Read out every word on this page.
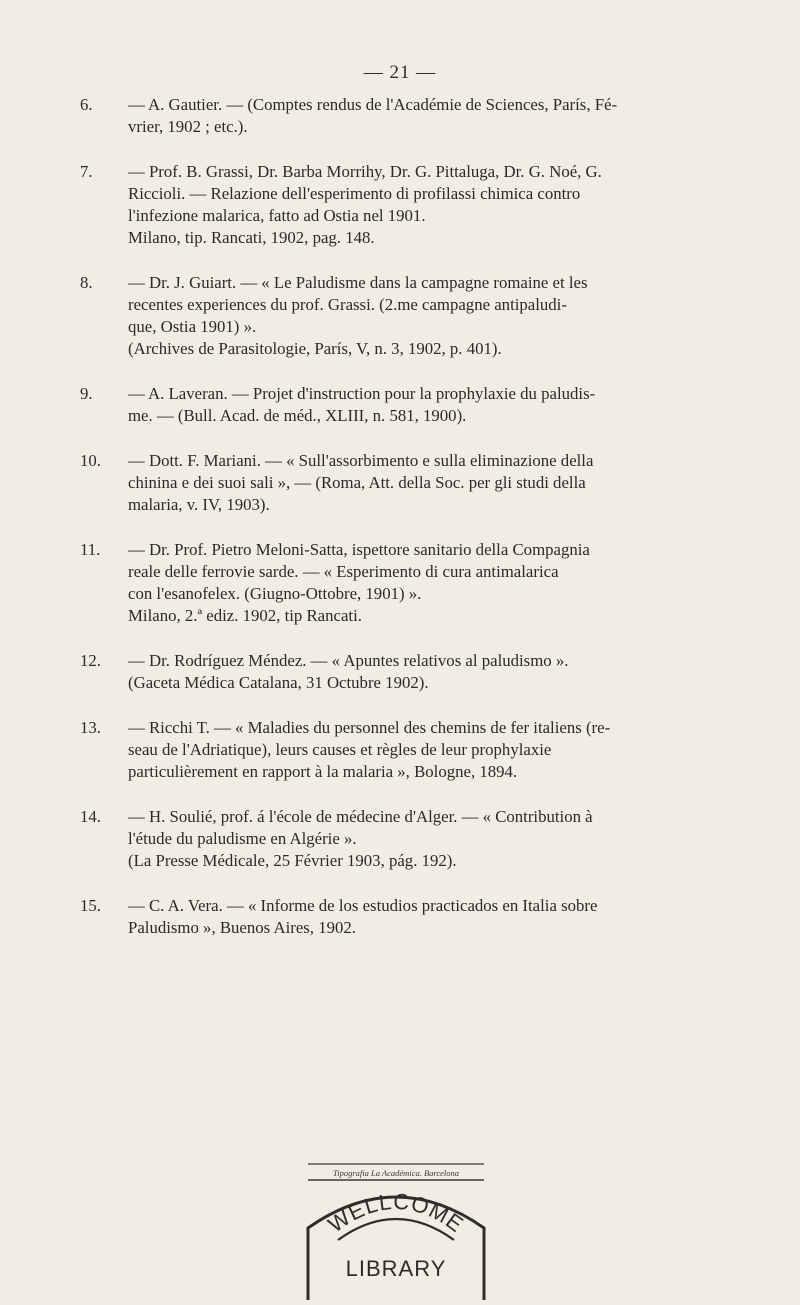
— 21 —
6. — A. Gautier. — (Comptes rendus de l'Académie de Sciences, París, Fé-
vrier, 1902 ; etc.).
7. — Prof. B. Grassi, Dr. Barba Morrihy, Dr. G. Pittaluga, Dr. G. Noé, G.
Riccioli. — Relazione dell'esperimento di profilassi chimica contro
l'infezione malarica, fatto ad Ostia nel 1901.
Milano, tip. Rancati, 1902, pag. 148.
8. — Dr. J. Guiart. — « Le Paludisme dans la campagne romaine et les
recentes experiences du prof. Grassi. (2.me campagne antipaludi-
que, Ostia 1901) ».
(Archives de Parasitologie, París, V, n. 3, 1902, p. 401).
9. — A. Laveran. — Projet d'instruction pour la prophylaxie du paludis-
me. — (Bull. Acad. de méd., XLIII, n. 581, 1900).
10. — Dott. F. Mariani. — « Sull'assorbimento e sulla eliminazione della
chinina e dei suoi sali », — (Roma, Att. della Soc. per gli studi della
malaria, v. IV, 1903).
11. — Dr. Prof. Pietro Meloni-Satta, ispettore sanitario della Compagnia
reale delle ferrovie sarde. — « Esperimento di cura antimalarica
con l'esanofelex. (Giugno-Ottobre, 1901) ».
Milano, 2.ª ediz. 1902, tip Rancati.
12. — Dr. Rodríguez Méndez. — « Apuntes relativos al paludismo ».
(Gaceta Médica Catalana, 31 Octubre 1902).
13. — Ricchi T. — « Maladies du personnel des chemins de fer italiens (re-
seau de l'Adriatique), leurs causes et règles de leur prophylaxie
particulièrement en rapport à la malaria », Bologne, 1894.
14. — H. Soulié, prof. á l'école de médecine d'Alger. — « Contribution à
l'étude du paludisme en Algérie ».
(La Presse Médicale, 25 Février 1903, pág. 192).
15. — C. A. Vera. — « Informe de los estudios practicados en Italia sobre
Paludismo », Buenos Aires, 1902.
Tipografia La Académica. Barcelona
WELLCOME
LIBRARY
